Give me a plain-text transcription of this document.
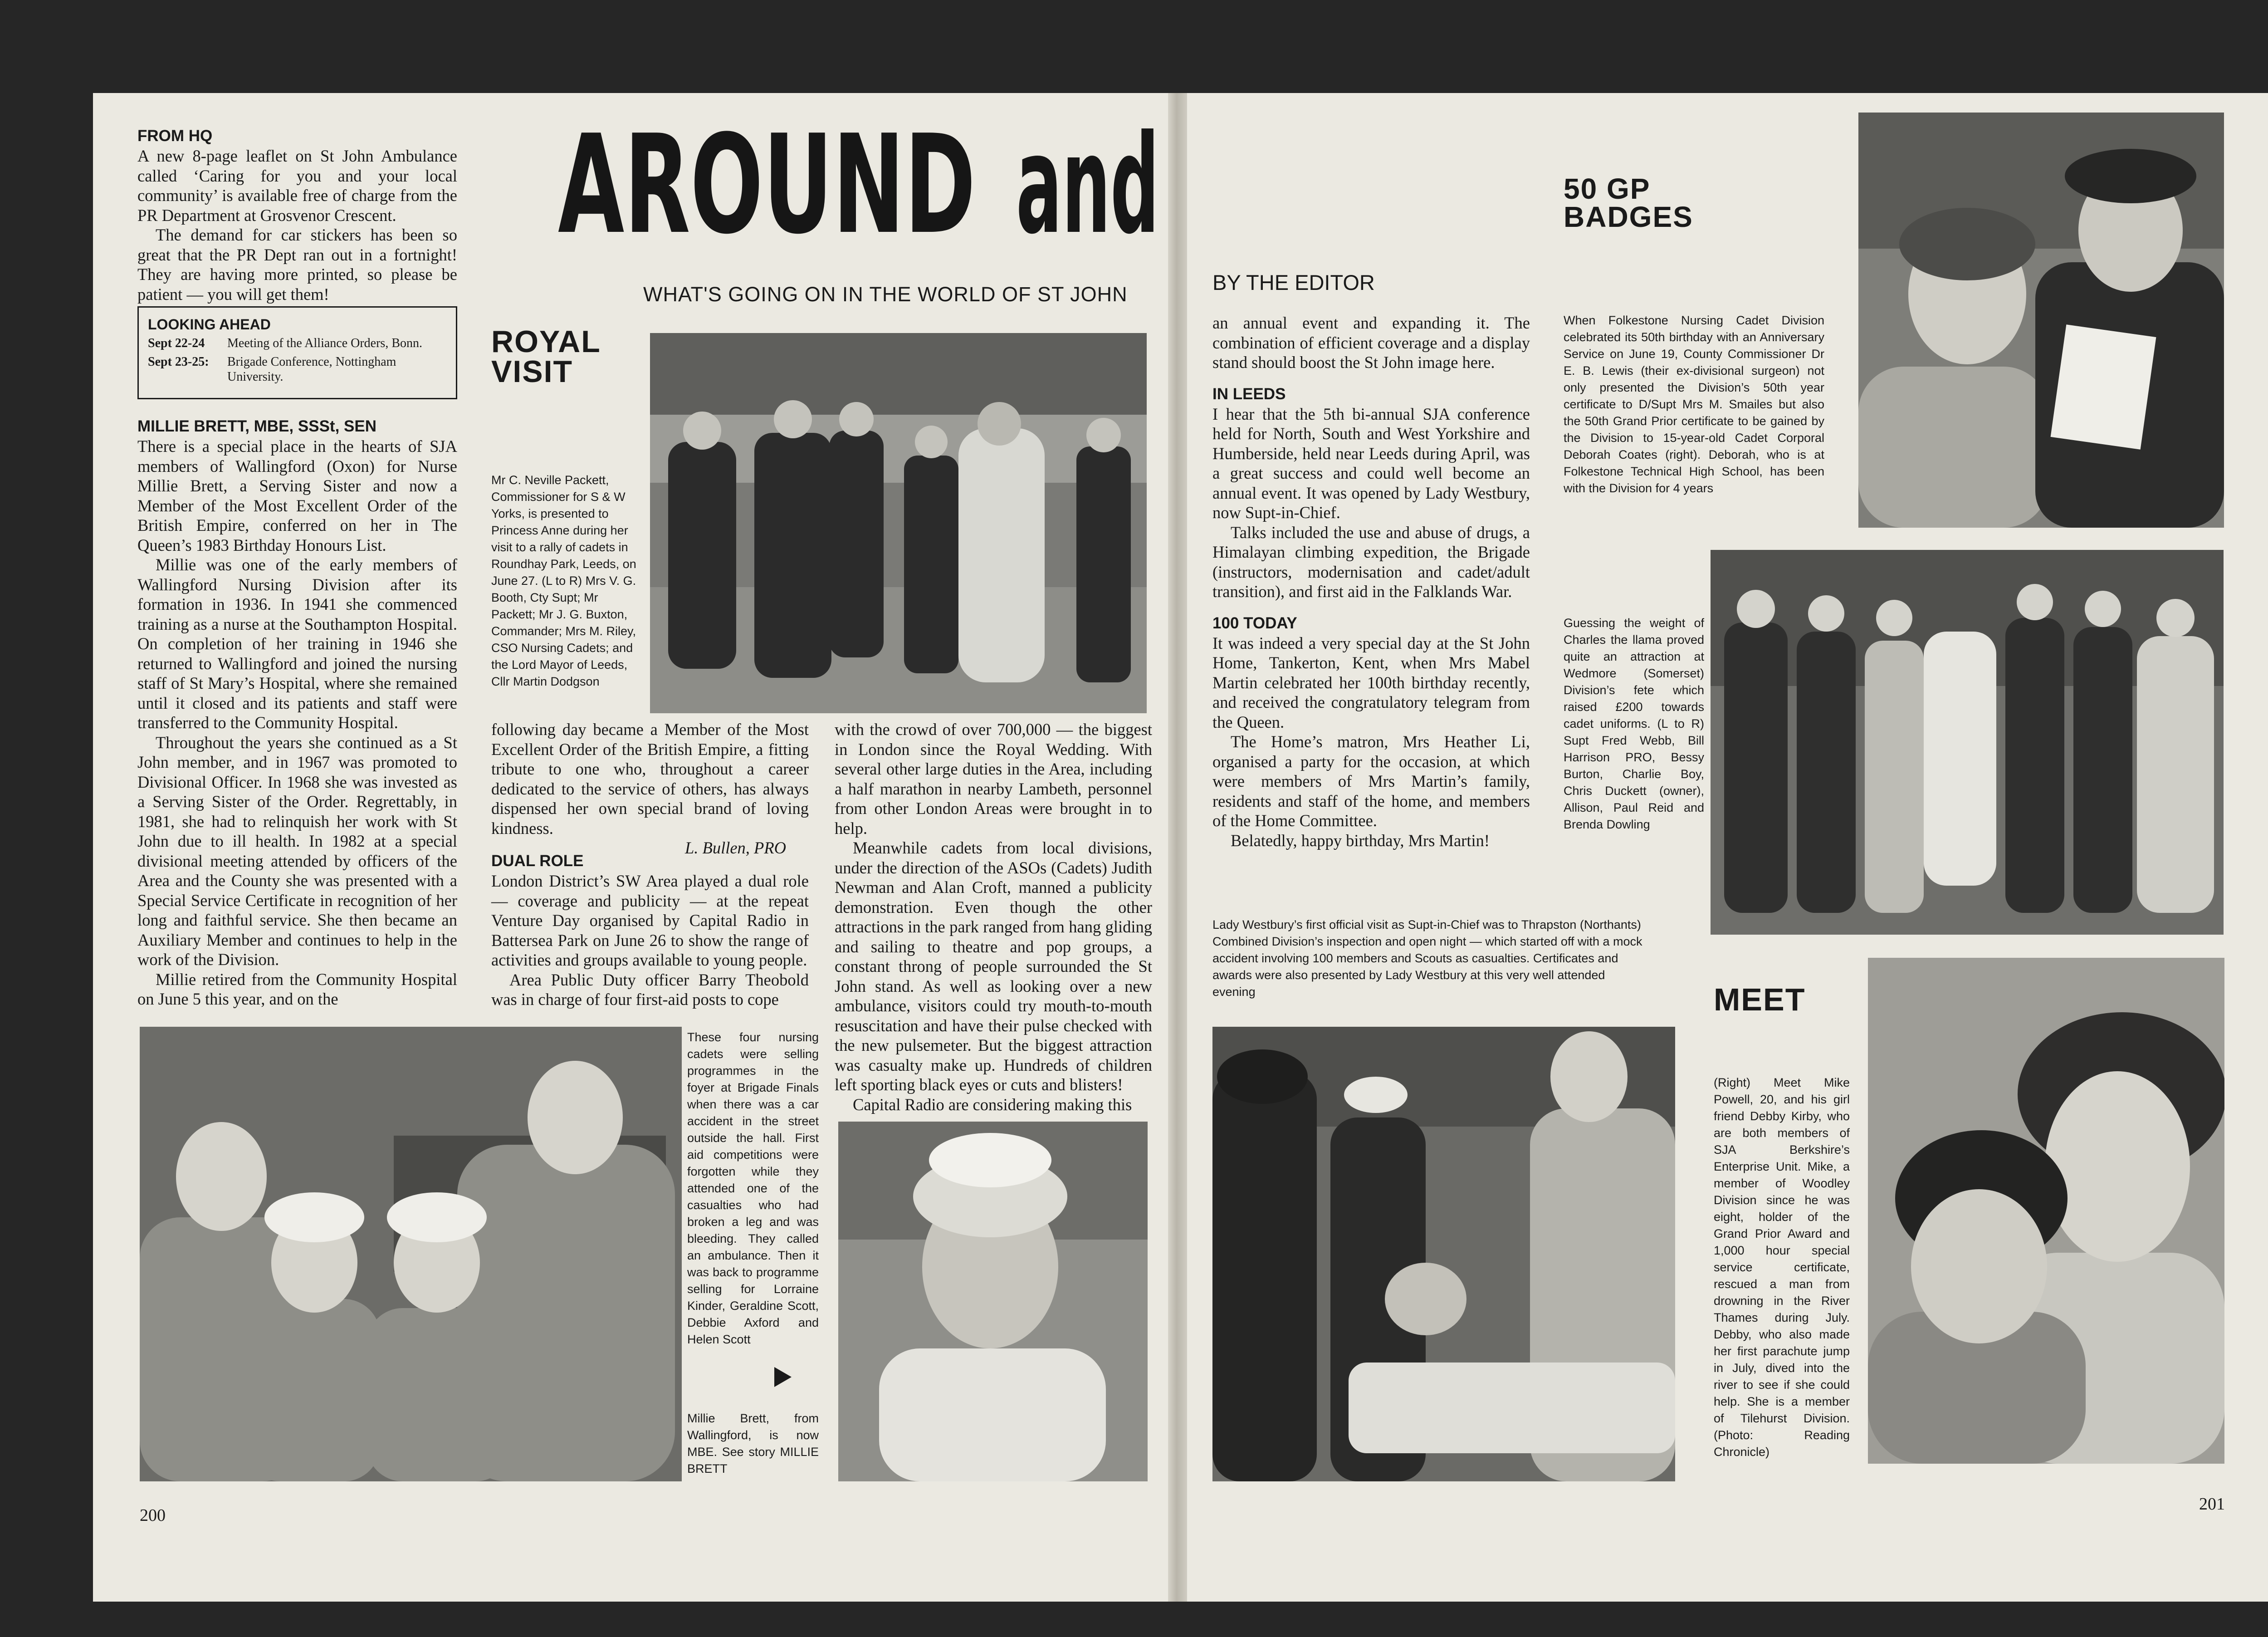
FROM HQ

A new 8-page leaflet on St John Ambulance called ‘Caring for you and your local community’ is available free of charge from the PR Department at Grosvenor Crescent.

The demand for car stickers has been so great that the PR Dept ran out in a fortnight! They are having more printed, so please be patient — you will get them!

LOOKING AHEAD
Sept 22-24	Meeting of the Alliance Orders, Bonn.
Sept 23-25:	Brigade Conference, Nottingham University.
MILLIE BRETT, MBE, SSSt, SEN

There is a special place in the hearts of SJA members of Wallingford (Oxon) for Nurse Millie Brett, a Serving Sister and now a Member of the Most Excellent Order of the British Empire, conferred on her in The Queen’s 1983 Birthday Honours List.

Millie was one of the early members of Wallingford Nursing Division after its formation in 1936. In 1941 she commenced training as a nurse at the Southampton Hospital. On completion of her training in 1946 she returned to Wallingford and joined the nursing staff of St Mary’s Hospital, where she remained until it closed and its patients and staff were transferred to the Community Hospital.

Throughout the years she continued as a St John member, and in 1967 was promoted to Divisional Officer. In 1968 she was invested as a Serving Sister of the Order. Regrettably, in 1981, she had to relinquish her work with St John due to ill health. In 1982 at a special divisional meeting attended by officers of the Area and the County she was presented with a Special Service Certificate in recognition of her long and faithful service. She then became an Auxiliary Member and continues to help in the work of the Division.

Millie retired from the Community Hospital on June 5 this year, and on the

AROUND and
WHAT'S GOING ON IN THE WORLD OF ST JOHN
ROYAL
VISIT
Mr C. Neville Packett, Commissioner for S & W Yorks, is presented to Princess Anne during her visit to a rally of cadets in Roundhay Park, Leeds, on June 27. (L to R) Mrs V. G. Booth, Cty Supt; Mr Packett; Mr J. G. Buxton, Commander; Mrs M. Riley, CSO Nursing Cadets; and the Lord Mayor of Leeds, Cllr Martin Dodgson

following day became a Member of the Most Excellent Order of the British Empire, a fitting tribute to one who, throughout a career dedicated to the service of others, has always dispensed her own special brand of loving kindness.

L. Bullen, PRO

DUAL ROLE

London District’s SW Area played a dual role — coverage and publicity — at the repeat Venture Day organised by Capital Radio in Battersea Park on June 26 to show the range of activities and groups available to young people.

Area Public Duty officer Barry Theobold was in charge of four first-aid posts to cope

with the crowd of over 700,000 — the biggest in London since the Royal Wedding. With several other large duties in the Area, including a half marathon in nearby Lambeth, personnel from other London Areas were brought in to help.

Meanwhile cadets from local divisions, under the direction of the ASOs (Cadets) Judith Newman and Alan Croft, manned a publicity demonstration. Even though the other attractions in the park ranged from hang gliding and sailing to theatre and pop groups, a constant throng of people surrounded the St John stand. As well as looking over a new ambulance, visitors could try mouth-to-mouth resuscitation and have their pulse checked with the new pulsemeter. But the biggest attraction was casualty make up. Hundreds of children left sporting black eyes or cuts and blisters!

Capital Radio are considering making this

These four nursing cadets were selling programmes in the foyer at Brigade Finals when there was a car accident in the street outside the hall. First aid competitions were forgotten while they attended one of the casualties who had broken a leg and was bleeding. They called an ambulance. Then it was back to programme selling for Lorraine Kinder, Geraldine Scott, Debbie Axford and Helen Scott
Millie Brett, from Wallingford, is now MBE. See story MILLIE BRETT
200
BY THE EDITOR
50 GP
BADGES

an annual event and expanding it. The combination of efficient coverage and a display stand should boost the St John image here.

IN LEEDS

I hear that the 5th bi-annual SJA conference held for North, South and West Yorkshire and Humberside, held near Leeds during April, was a great success and could well become an annual event. It was opened by Lady Westbury, now Supt-in-Chief.

Talks included the use and abuse of drugs, a Himalayan climbing expedition, the Brigade (instructors, modernisation and cadet/adult transition), and first aid in the Falklands War.

100 TODAY

It was indeed a very special day at the St John Home, Tankerton, Kent, when Mrs Mabel Martin celebrated her 100th birthday recently, and received the congratulatory telegram from the Queen.

The Home’s matron, Mrs Heather Li, organised a party for the occasion, at which were members of Mrs Martin’s family, residents and staff of the home, and members of the Home Committee.

Belatedly, happy birthday, Mrs Martin!

When Folkestone Nursing Cadet Division celebrated its 50th birthday with an Anniversary Service on June 19, County Commissioner Dr E. B. Lewis (their ex-divisional surgeon) not only presented the Division’s 50th year certificate to D/Supt Mrs M. Smailes but also the 50th Grand Prior certificate to be gained by the Division to 15-year-old Cadet Corporal Deborah Coates (right). Deborah, who is at Folkestone Technical High School, has been with the Division for 4 years
Guessing the weight of Charles the llama proved quite an attraction at Wedmore (Somerset) Division’s fete which raised £200 towards cadet uniforms. (L to R) Supt Fred Webb, Bill Harrison PRO, Bessy Burton, Charlie Boy, Chris Duckett (owner), Allison, Paul Reid and Brenda Dowling
Lady Westbury’s first official visit as Supt-in-Chief was to Thrapston (Northants) Combined Division’s inspection and open night — which started off with a mock accident involving 100 members and Scouts as casualties. Certificates and awards were also presented by Lady Westbury at this very well attended evening	MEET
(Right) Meet Mike Powell, 20, and his girl friend Debby Kirby, who are both members of SJA Berkshire’s Enterprise Unit. Mike, a member of Woodley Division since he was eight, holder of the Grand Prior Award and 1,000 hour special service certificate, rescued a man from drowning in the River Thames during July. Debby, who also made her first parachute jump in July, dived into the river to see if she could help. She is a member of Tilehurst Division. (Photo: Reading Chronicle)
201
